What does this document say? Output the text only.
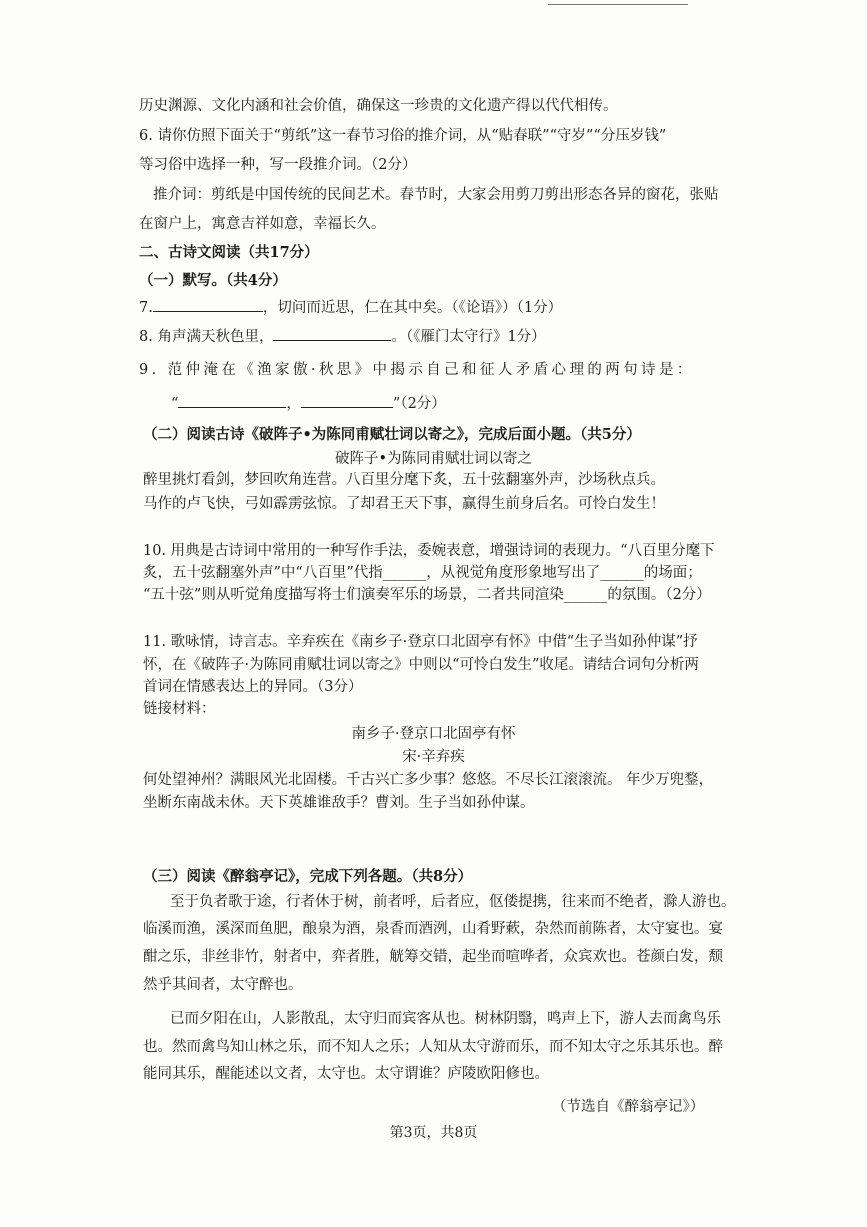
历史渊源、文化内涵和社会价值，确保这一珍贵的文化遗产得以代代相传。
6. 请你仿照下面关于“剪纸”这一春节习俗的推介词，从“贴春联”“守岁”“分压岁钱”
等习俗中选择一种，写一段推介词。（2分）
推介词：剪纸是中国传统的民间艺术。春节时，大家会用剪刀剪出形态各异的窗花，张贴
在窗户上，寓意吉祥如意，幸福长久。
二、古诗文阅读（共17分）
（一）默写。（共4分）
7.	，切问而近思，仁在其中矣。（《论语》）（1分）
8. 角声满天秋色里，	。（《雁门太守行》1分）
9. 范仲淹在《渔家傲·秋思》中揭示自己和征人矛盾心理的两句诗是：
“	，	”（2分）
（二）阅读古诗《破阵子•为陈同甫赋壮词以寄之》，完成后面小题。（共5分）
破阵子•为陈同甫赋壮词以寄之
醉里挑灯看剑，梦回吹角连营。八百里分麾下炙，五十弦翻塞外声，沙场秋点兵。
马作的卢飞快，弓如霹雳弦惊。了却君王天下事，赢得生前身后名。可怜白发生！
10. 用典是古诗词中常用的一种写作手法，委婉表意，增强诗词的表现力。“八百里分麾下
炙，五十弦翻塞外声”中“八百里”代指______，从视觉角度形象地写出了______的场面；
“五十弦”则从听觉角度描写将士们演奏军乐的场景，二者共同渲染______的氛围。（2分）
11. 歌咏情，诗言志。辛弃疾在《南乡子·登京口北固亭有怀》中借“生子当如孙仲谋”抒
怀，在《破阵子·为陈同甫赋壮词以寄之》中则以“可怜白发生”收尾。请结合词句分析两
首词在情感表达上的异同。（3分）
链接材料：
南乡子·登京口北固亭有怀
宋·辛弃疾
何处望神州？满眼风光北固楼。千古兴亡多少事？悠悠。不尽长江滚滚流。 年少万兜鍪，
坐断东南战未休。天下英雄谁敌手？曹刘。生子当如孙仲谋。
（三）阅读《醉翁亭记》，完成下列各题。（共8分）
至于负者歌于途，行者休于树，前者呼，后者应，伛偻提携，往来而不绝者，滁人游也。
临溪而渔，溪深而鱼肥，酿泉为酒，泉香而酒洌，山肴野蔌，杂然而前陈者，太守宴也。宴
酣之乐，非丝非竹，射者中，弈者胜，觥筹交错，起坐而喧哗者，众宾欢也。苍颜白发，颓
然乎其间者，太守醉也。
已而夕阳在山，人影散乱，太守归而宾客从也。树林阴翳，鸣声上下，游人去而禽鸟乐
也。然而禽鸟知山林之乐，而不知人之乐；人知从太守游而乐，而不知太守之乐其乐也。醉
能同其乐，醒能述以文者，太守也。太守谓谁？庐陵欧阳修也。
（节选自《醉翁亭记》）
第3页，共8页
